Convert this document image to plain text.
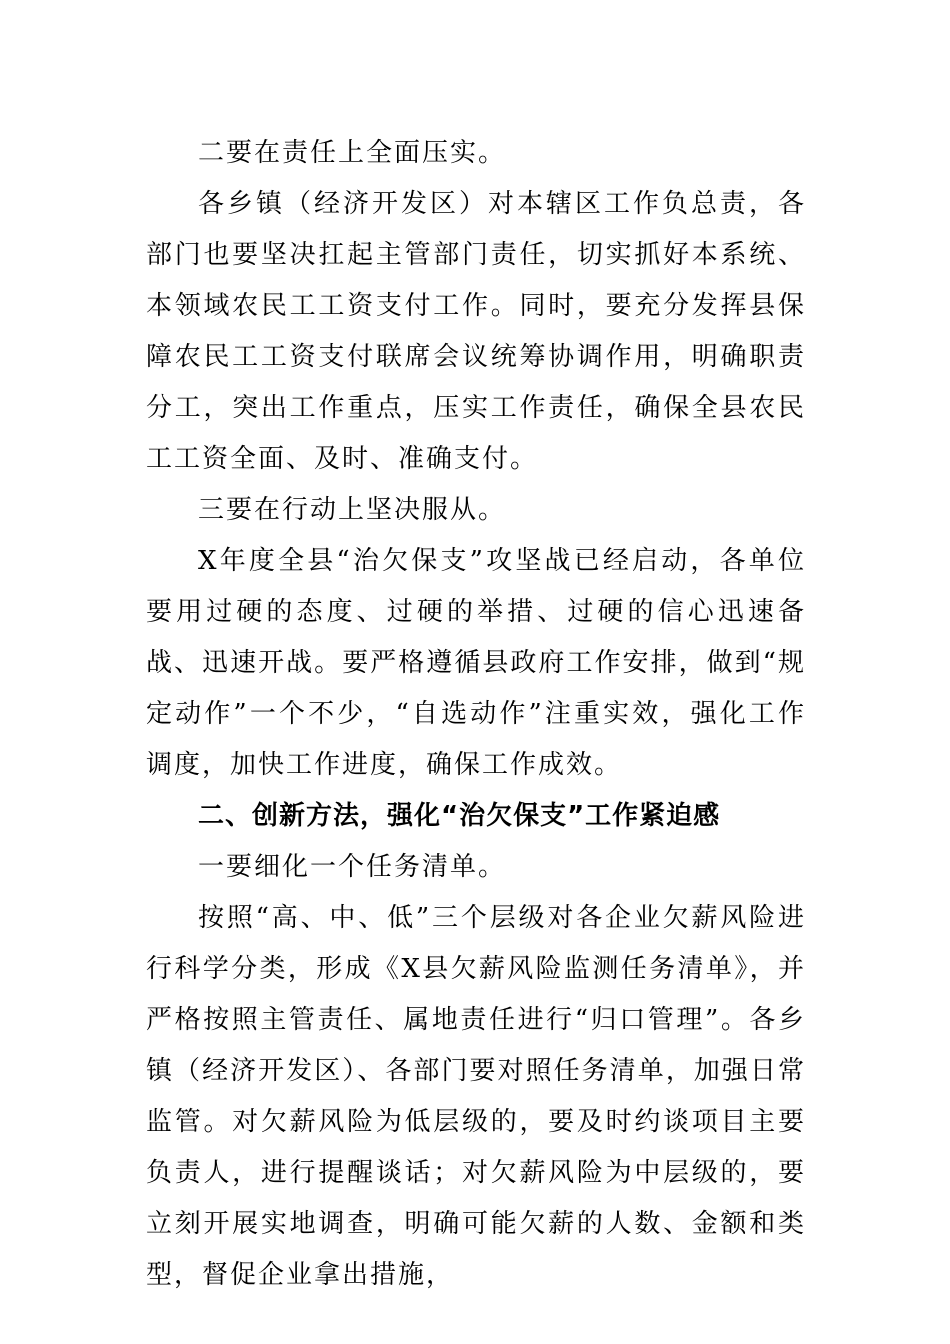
二要在责任上全面压实。

各乡镇（经济开发区）对本辖区工作负总责，各部门也要坚决扛起主管部门责任，切实抓好本系统、本领域农民工工资支付工作。同时，要充分发挥县保障农民工工资支付联席会议统筹协调作用，明确职责分工，突出工作重点，压实工作责任，确保全县农民工工资全面、及时、准确支付。

三要在行动上坚决服从。

X年度全县“治欠保支”攻坚战已经启动，各单位要用过硬的态度、过硬的举措、过硬的信心迅速备战、迅速开战。要严格遵循县政府工作安排，做到“规定动作”一个不少，“自选动作”注重实效，强化工作调度，加快工作进度，确保工作成效。

二、创新方法，强化“治欠保支”工作紧迫感

一要细化一个任务清单。

按照“高、中、低”三个层级对各企业欠薪风险进行科学分类，形成《X县欠薪风险监测任务清单》，并严格按照主管责任、属地责任进行“归口管理”。各乡镇（经济开发区）、各部门要对照任务清单，加强日常监管。对欠薪风险为低层级的，要及时约谈项目主要负责人，进行提醒谈话；对欠薪风险为中层级的，要立刻开展实地调查，明确可能欠薪的人数、金额和类型，督促企业拿出措施，
